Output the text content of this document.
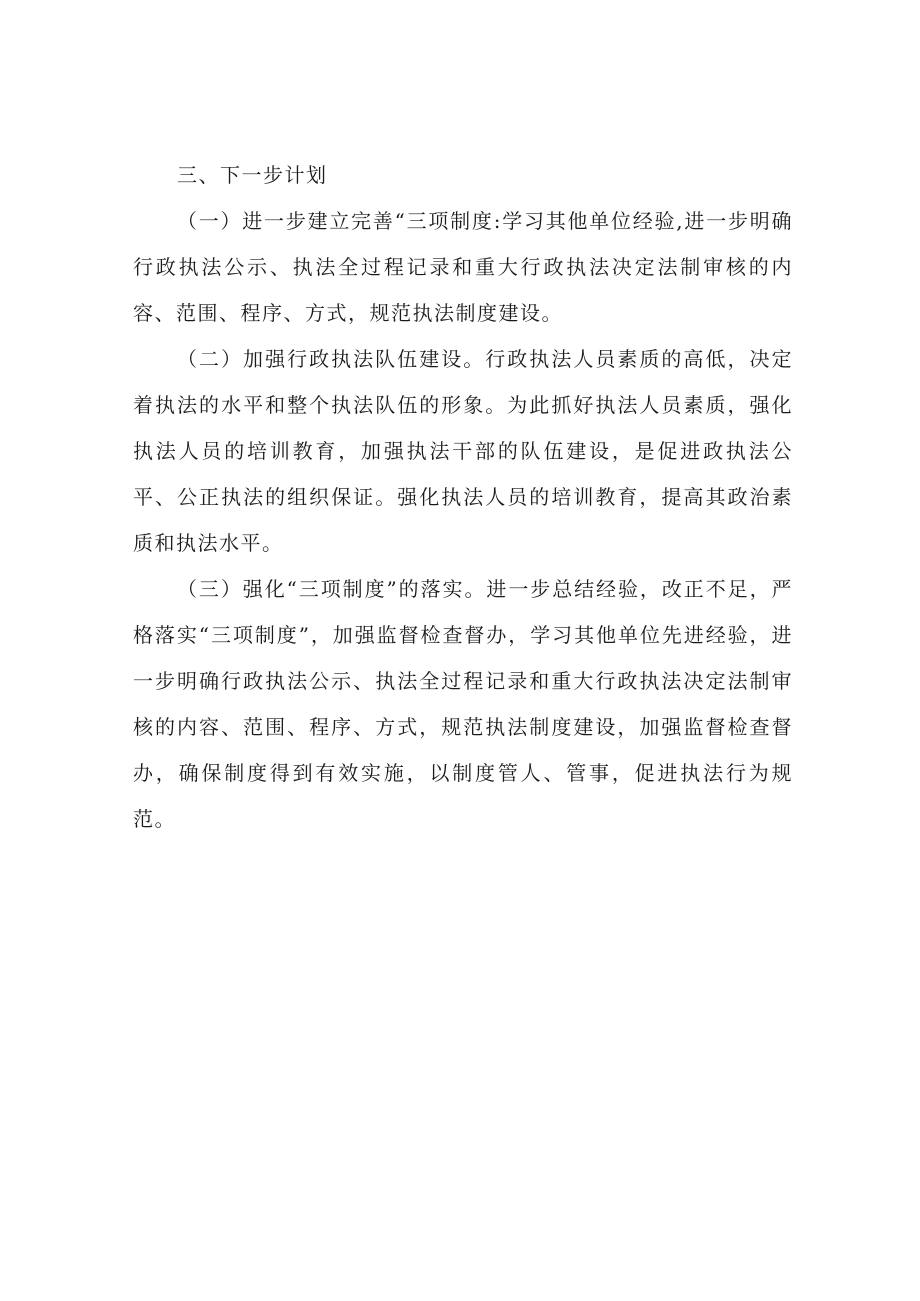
三、下一步计划

（一）进一步建立完善“三项制度:学习其他单位经验,进一步明确行政执法公示、执法全过程记录和重大行政执法决定法制审核的内容、范围、程序、方式，规范执法制度建设。

（二）加强行政执法队伍建设。行政执法人员素质的高低，决定着执法的水平和整个执法队伍的形象。为此抓好执法人员素质，强化执法人员的培训教育，加强执法干部的队伍建设，是促进政执法公平、公正执法的组织保证。强化执法人员的培训教育，提高其政治素质和执法水平。

（三）强化“三项制度”的落实。进一步总结经验，改正不足，严格落实“三项制度”，加强监督检查督办，学习其他单位先进经验，进一步明确行政执法公示、执法全过程记录和重大行政执法决定法制审核的内容、范围、程序、方式，规范执法制度建设，加强监督检查督办，确保制度得到有效实施，以制度管人、管事，促进执法行为规范。
